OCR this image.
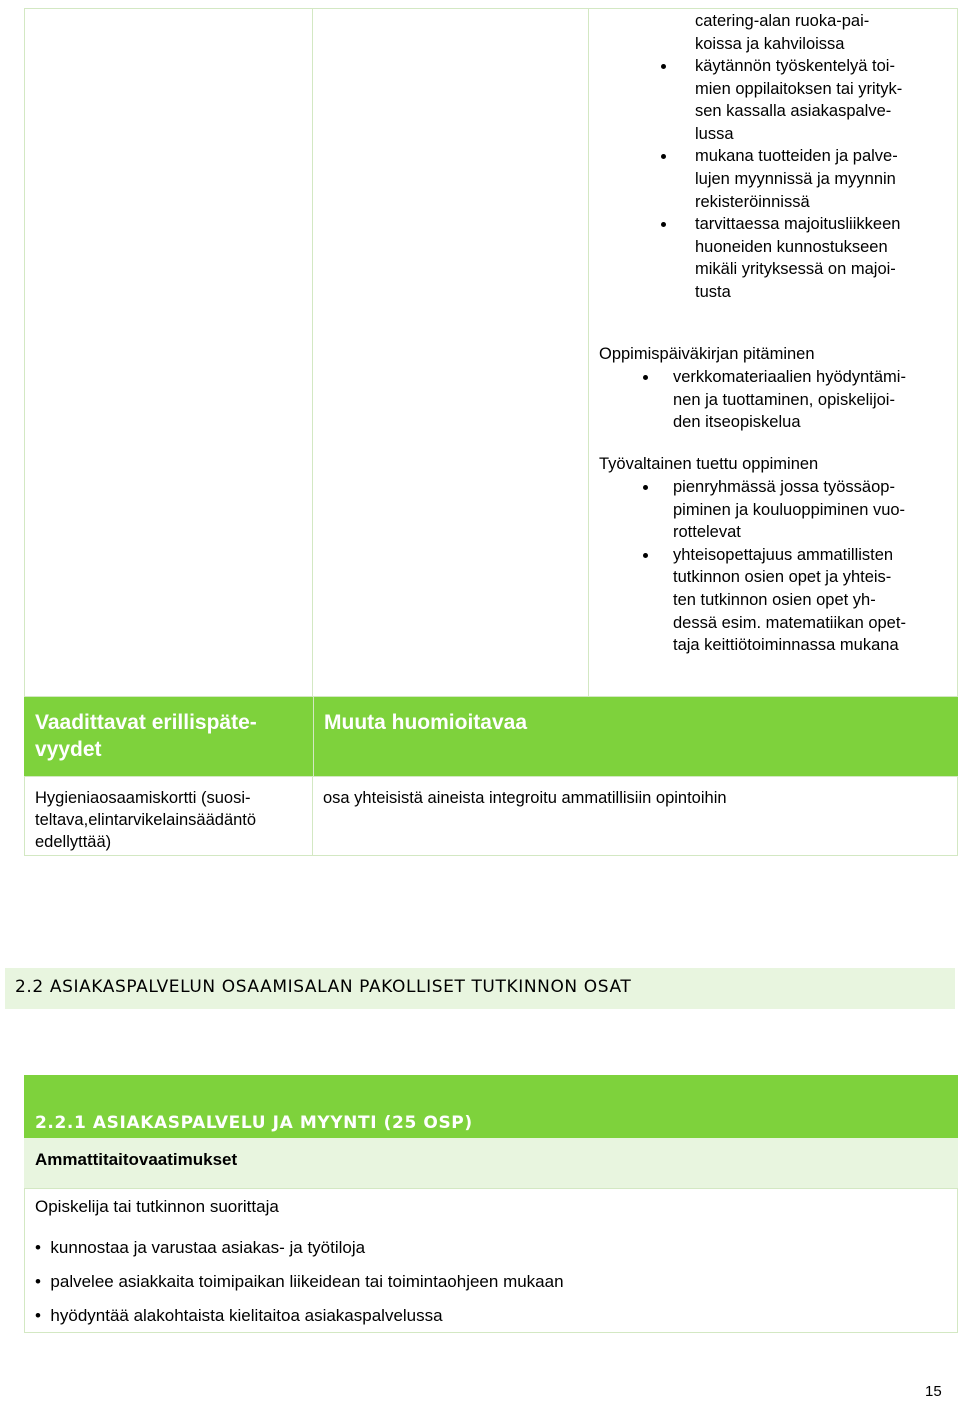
catering-alan ruoka-pai-
koissa ja kahviloissa
käytännön työskentelyä toi-
mien oppilaitoksen tai yrityk-
sen kassalla asiakaspalve-
lussa
mukana tuotteiden ja palve-
lujen myynnissä ja myynnin
rekisteröinnissä
tarvittaessa majoitusliikkeen
huoneiden kunnostukseen
mikäli yrityksessä on majoi-
tusta
Oppimispäiväkirjan pitäminen
verkkomateriaalien hyödyntämi-
nen ja tuottaminen, opiskelijoi-
den itseopiskelua
Työvaltainen tuettu oppiminen
pienryhmässä jossa työssäop-
piminen ja kouluoppiminen vuo-
rottelevat
yhteisopettajuus ammatillisten
tutkinnon osien opet ja yhteis-
ten tutkinnon osien opet yh-
dessä esim. matematiikan opet-
taja keittiötoiminnassa mukana
Vaadittavat erillispäte-
vyydet
Muuta huomioitavaa
Hygieniaosaamiskortti (suosi-
teltava,elintarvikelainsäädäntö
edellyttää)
osa yhteisistä aineista integroitu ammatillisiin opintoihin
2.2 ASIAKASPALVELUN OSAAMISALAN PAKOLLISET TUTKINNON OSAT
2.2.1 ASIAKASPALVELU JA MYYNTI (25 OSP)
Ammattitaitovaatimukset
Opiskelija tai tutkinnon suorittaja
• kunnostaa ja varustaa asiakas- ja työtiloja
• palvelee asiakkaita toimipaikan liikeidean tai toimintaohjeen mukaan
• hyödyntää alakohtaista kielitaitoa asiakaspalvelussa
15
